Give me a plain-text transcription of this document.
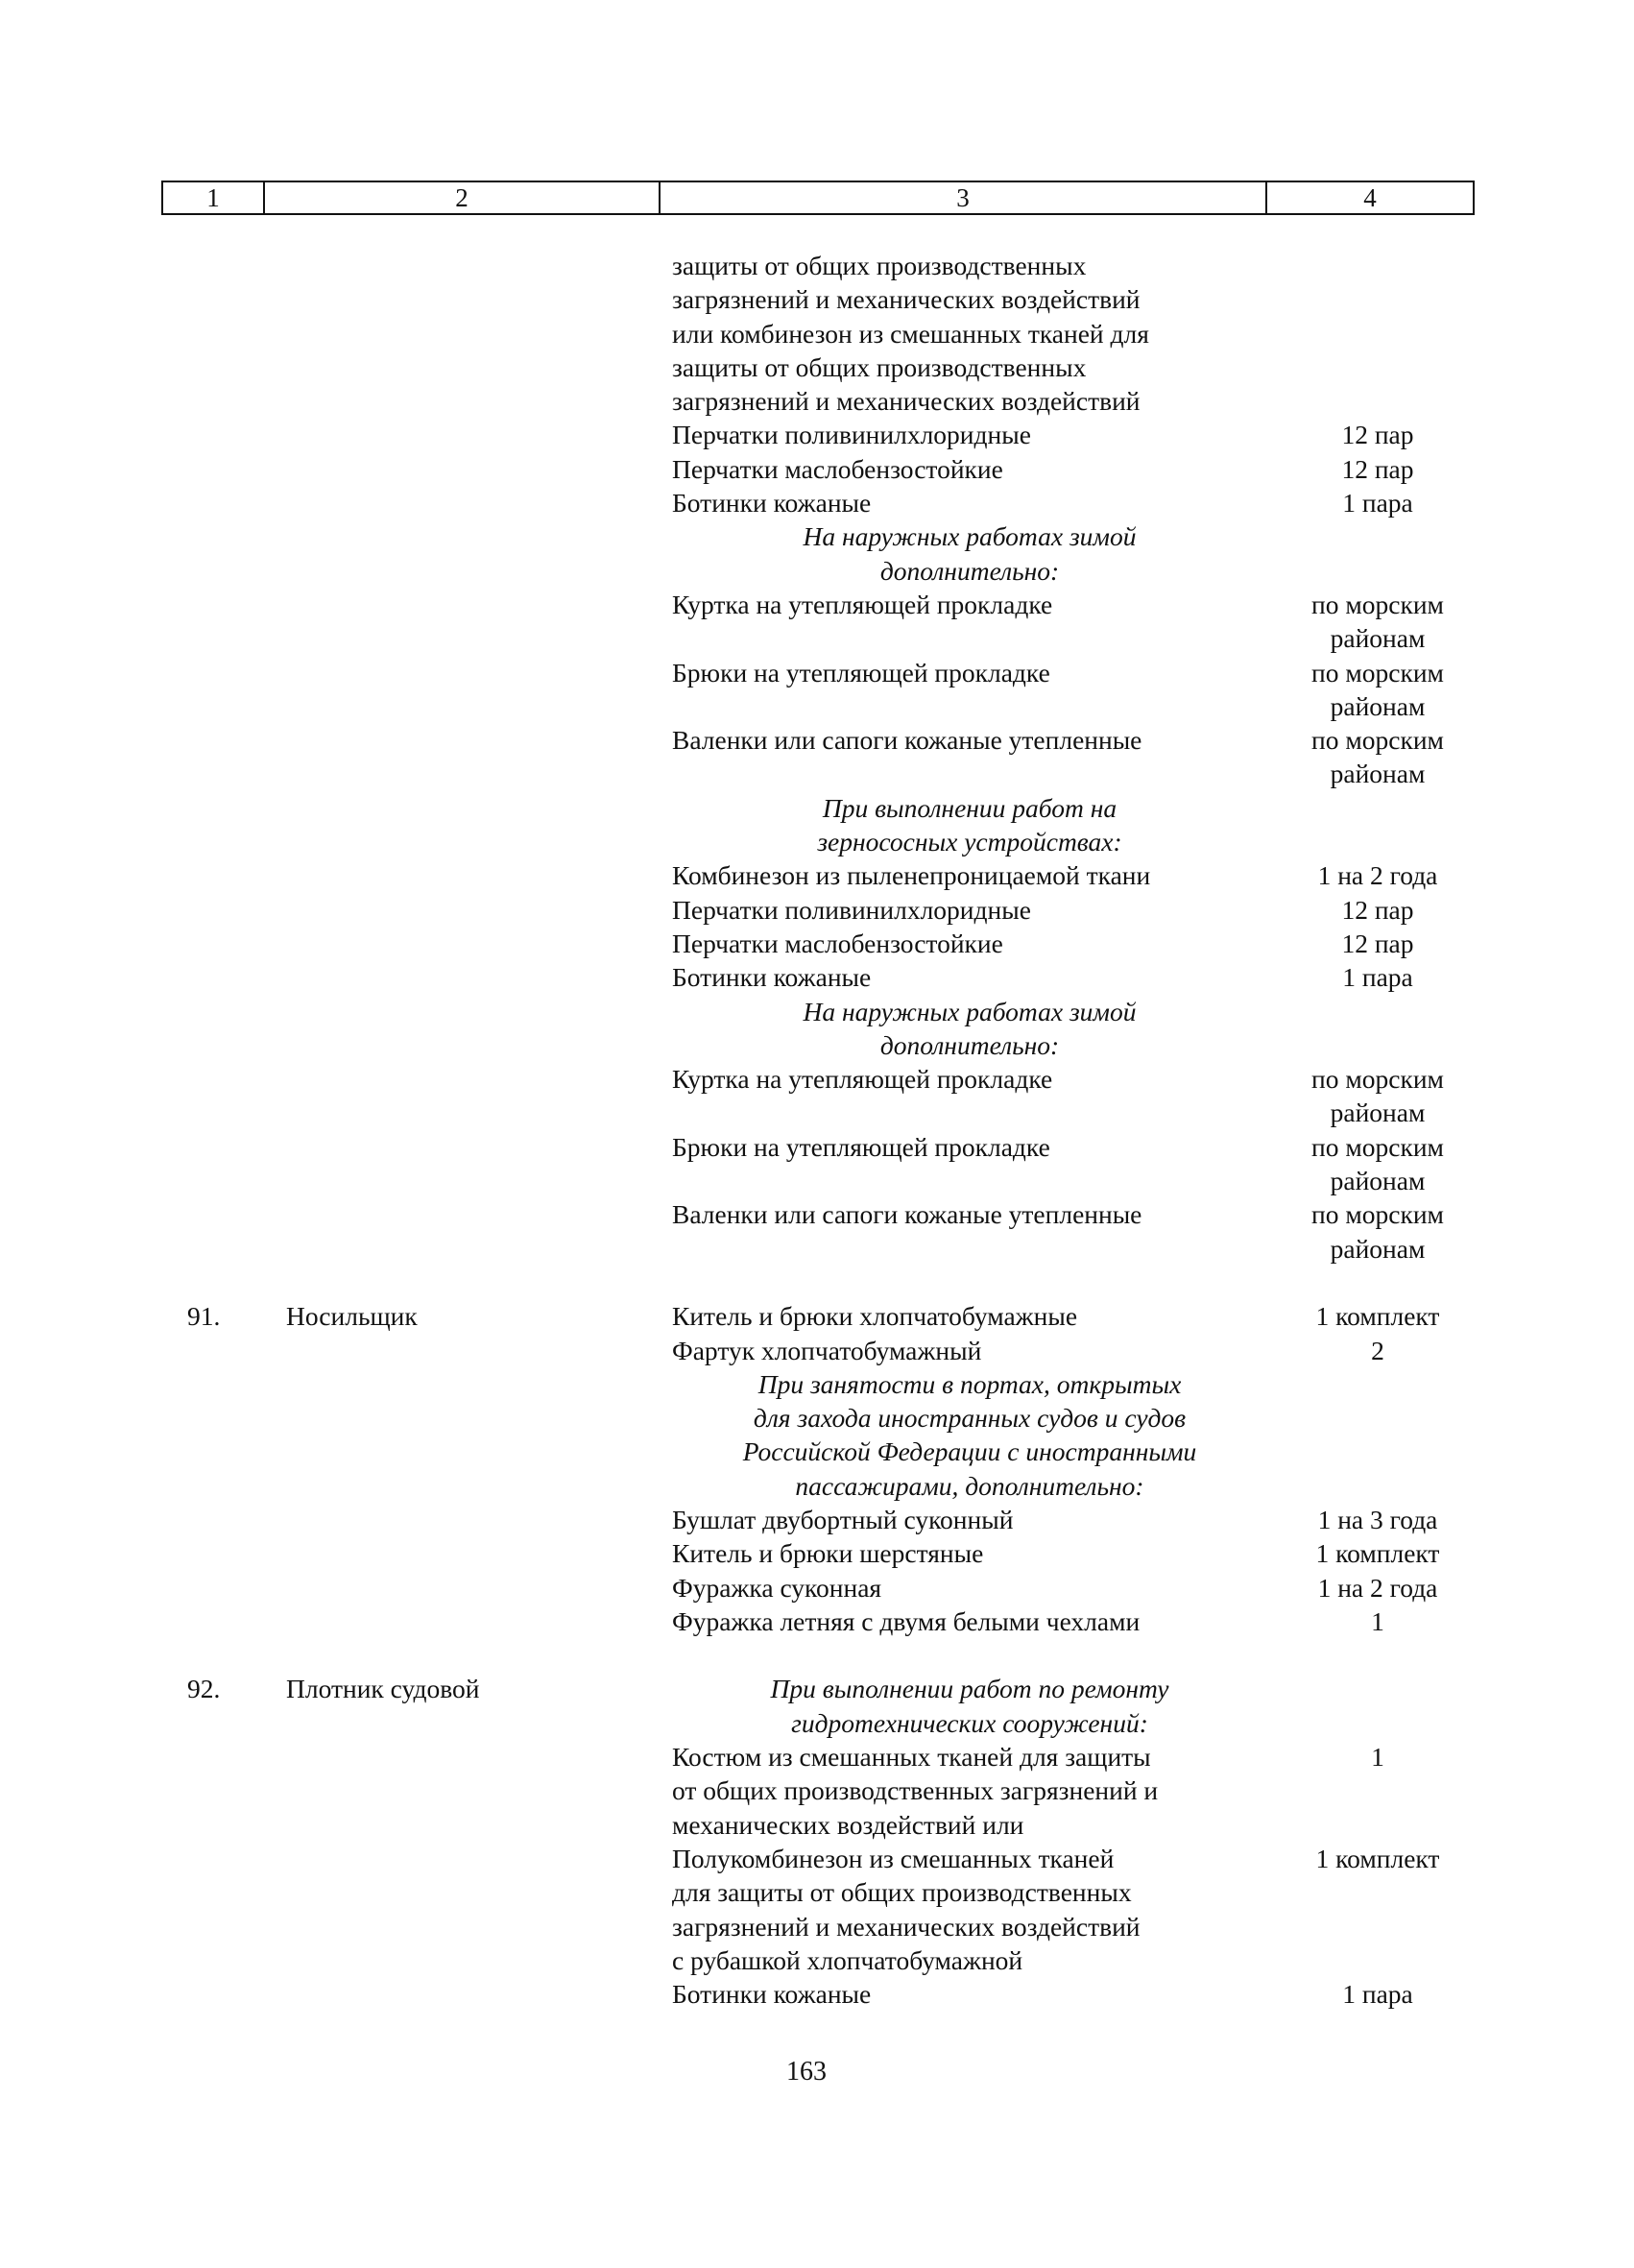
1	2	3	4
защиты от общих производственных
загрязнений и механических воздействий
или комбинезон из смешанных тканей для
защиты от общих производственных
загрязнений и механических воздействий
Перчатки поливинилхлоридные	12 пар
Перчатки маслобензостойкие	12 пар
Ботинки кожаные	1 пара
На наружных работах зимой
дополнительно:
Куртка на утепляющей прокладке	по морским
районам
Брюки на утепляющей прокладке	по морским
районам
Валенки или сапоги кожаные утепленные	по морским
районам
При выполнении работ на
зернососных устройствах:
Комбинезон из пыленепроницаемой ткани	1 на 2 года
Перчатки поливинилхлоридные	12 пар
Перчатки маслобензостойкие	12 пар
Ботинки кожаные	1 пара
На наружных работах зимой
дополнительно:
Куртка на утепляющей прокладке	по морским
районам
Брюки на утепляющей прокладке	по морским
районам
Валенки или сапоги кожаные утепленные	по морским
районам
91. Носильщик	Китель и брюки хлопчатобумажные	1 комплект
Фартук хлопчатобумажный	2
При занятости в портах, открытых
для захода иностранных судов и судов
Российской Федерации с иностранными
пассажирами, дополнительно:
Бушлат двубортный суконный	1 на 3 года
Китель и брюки шерстяные	1 комплект
Фуражка суконная	1 на 2 года
Фуражка летняя с двумя белыми чехлами	1
92. Плотник судовой	При выполнении работ по ремонту
гидротехнических сооружений:
Костюм из смешанных тканей для защиты	1
от общих производственных загрязнений и
механических воздействий или
Полукомбинезон из смешанных тканей	1 комплект
для защиты от общих производственных
загрязнений и механических воздействий
с рубашкой хлопчатобумажной
Ботинки кожаные	1 пара
163
